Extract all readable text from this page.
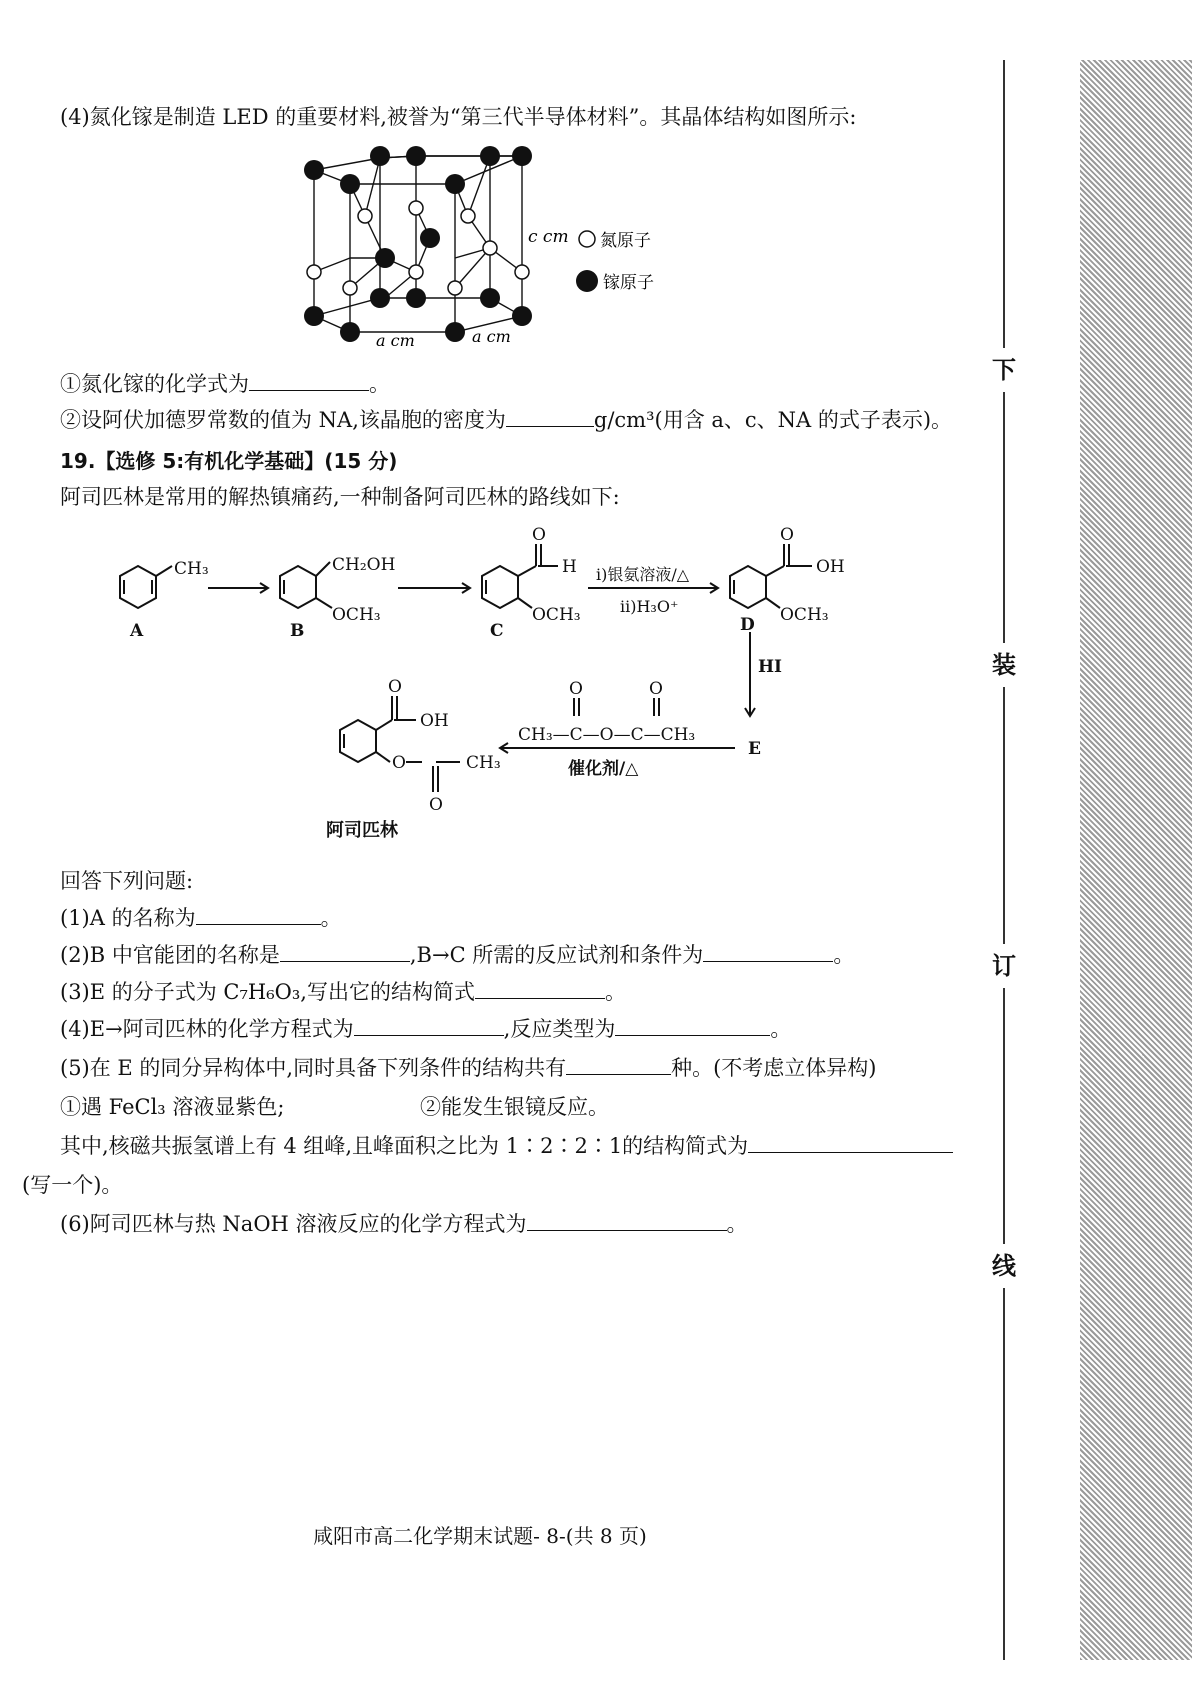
下
装
订
线
(4)氮化镓是制造 LED 的重要材料,被誉为“第三代半导体材料”。其晶体结构如图所示:
c cm 氮原子
镓原子
a cm	a cm
①氮化镓的化学式为	。
②设阿伏加德罗常数的值为 NA,该晶胞的密度为	g/cm³(用含 a、c、NA 的式子表示)。
19.【选修 5:有机化学基础】(15 分)
阿司匹林是常用的解热镇痛药,一种制备阿司匹林的路线如下:
CH₃
A
CH₂OH
OCH₃
B
O
H
OCH₃
C
i)银氨溶液/△
ii)H₃O⁺
O
OH
OCH₃
D
HI
E
O	O
CH₃—C—O—C—CH₃
催化剂/△
O
OH
O	CH₃
O
阿司匹林
回答下列问题:
(1)A 的名称为	。
(2)B 中官能团的名称是	,B→C 所需的反应试剂和条件为	。
(3)E 的分子式为 C₇H₆O₃,写出它的结构简式	。
(4)E→阿司匹林的化学方程式为	,反应类型为	。
(5)在 E 的同分异构体中,同时具备下列条件的结构共有	种。(不考虑立体异构)
①遇 FeCl₃ 溶液显紫色;	②能发生银镜反应。
其中,核磁共振氢谱上有 4 组峰,且峰面积之比为 1∶2∶2∶1的结构简式为
(写一个)。
(6)阿司匹林与热 NaOH 溶液反应的化学方程式为	。
咸阳市高二化学期末试题- 8-(共 8 页)
